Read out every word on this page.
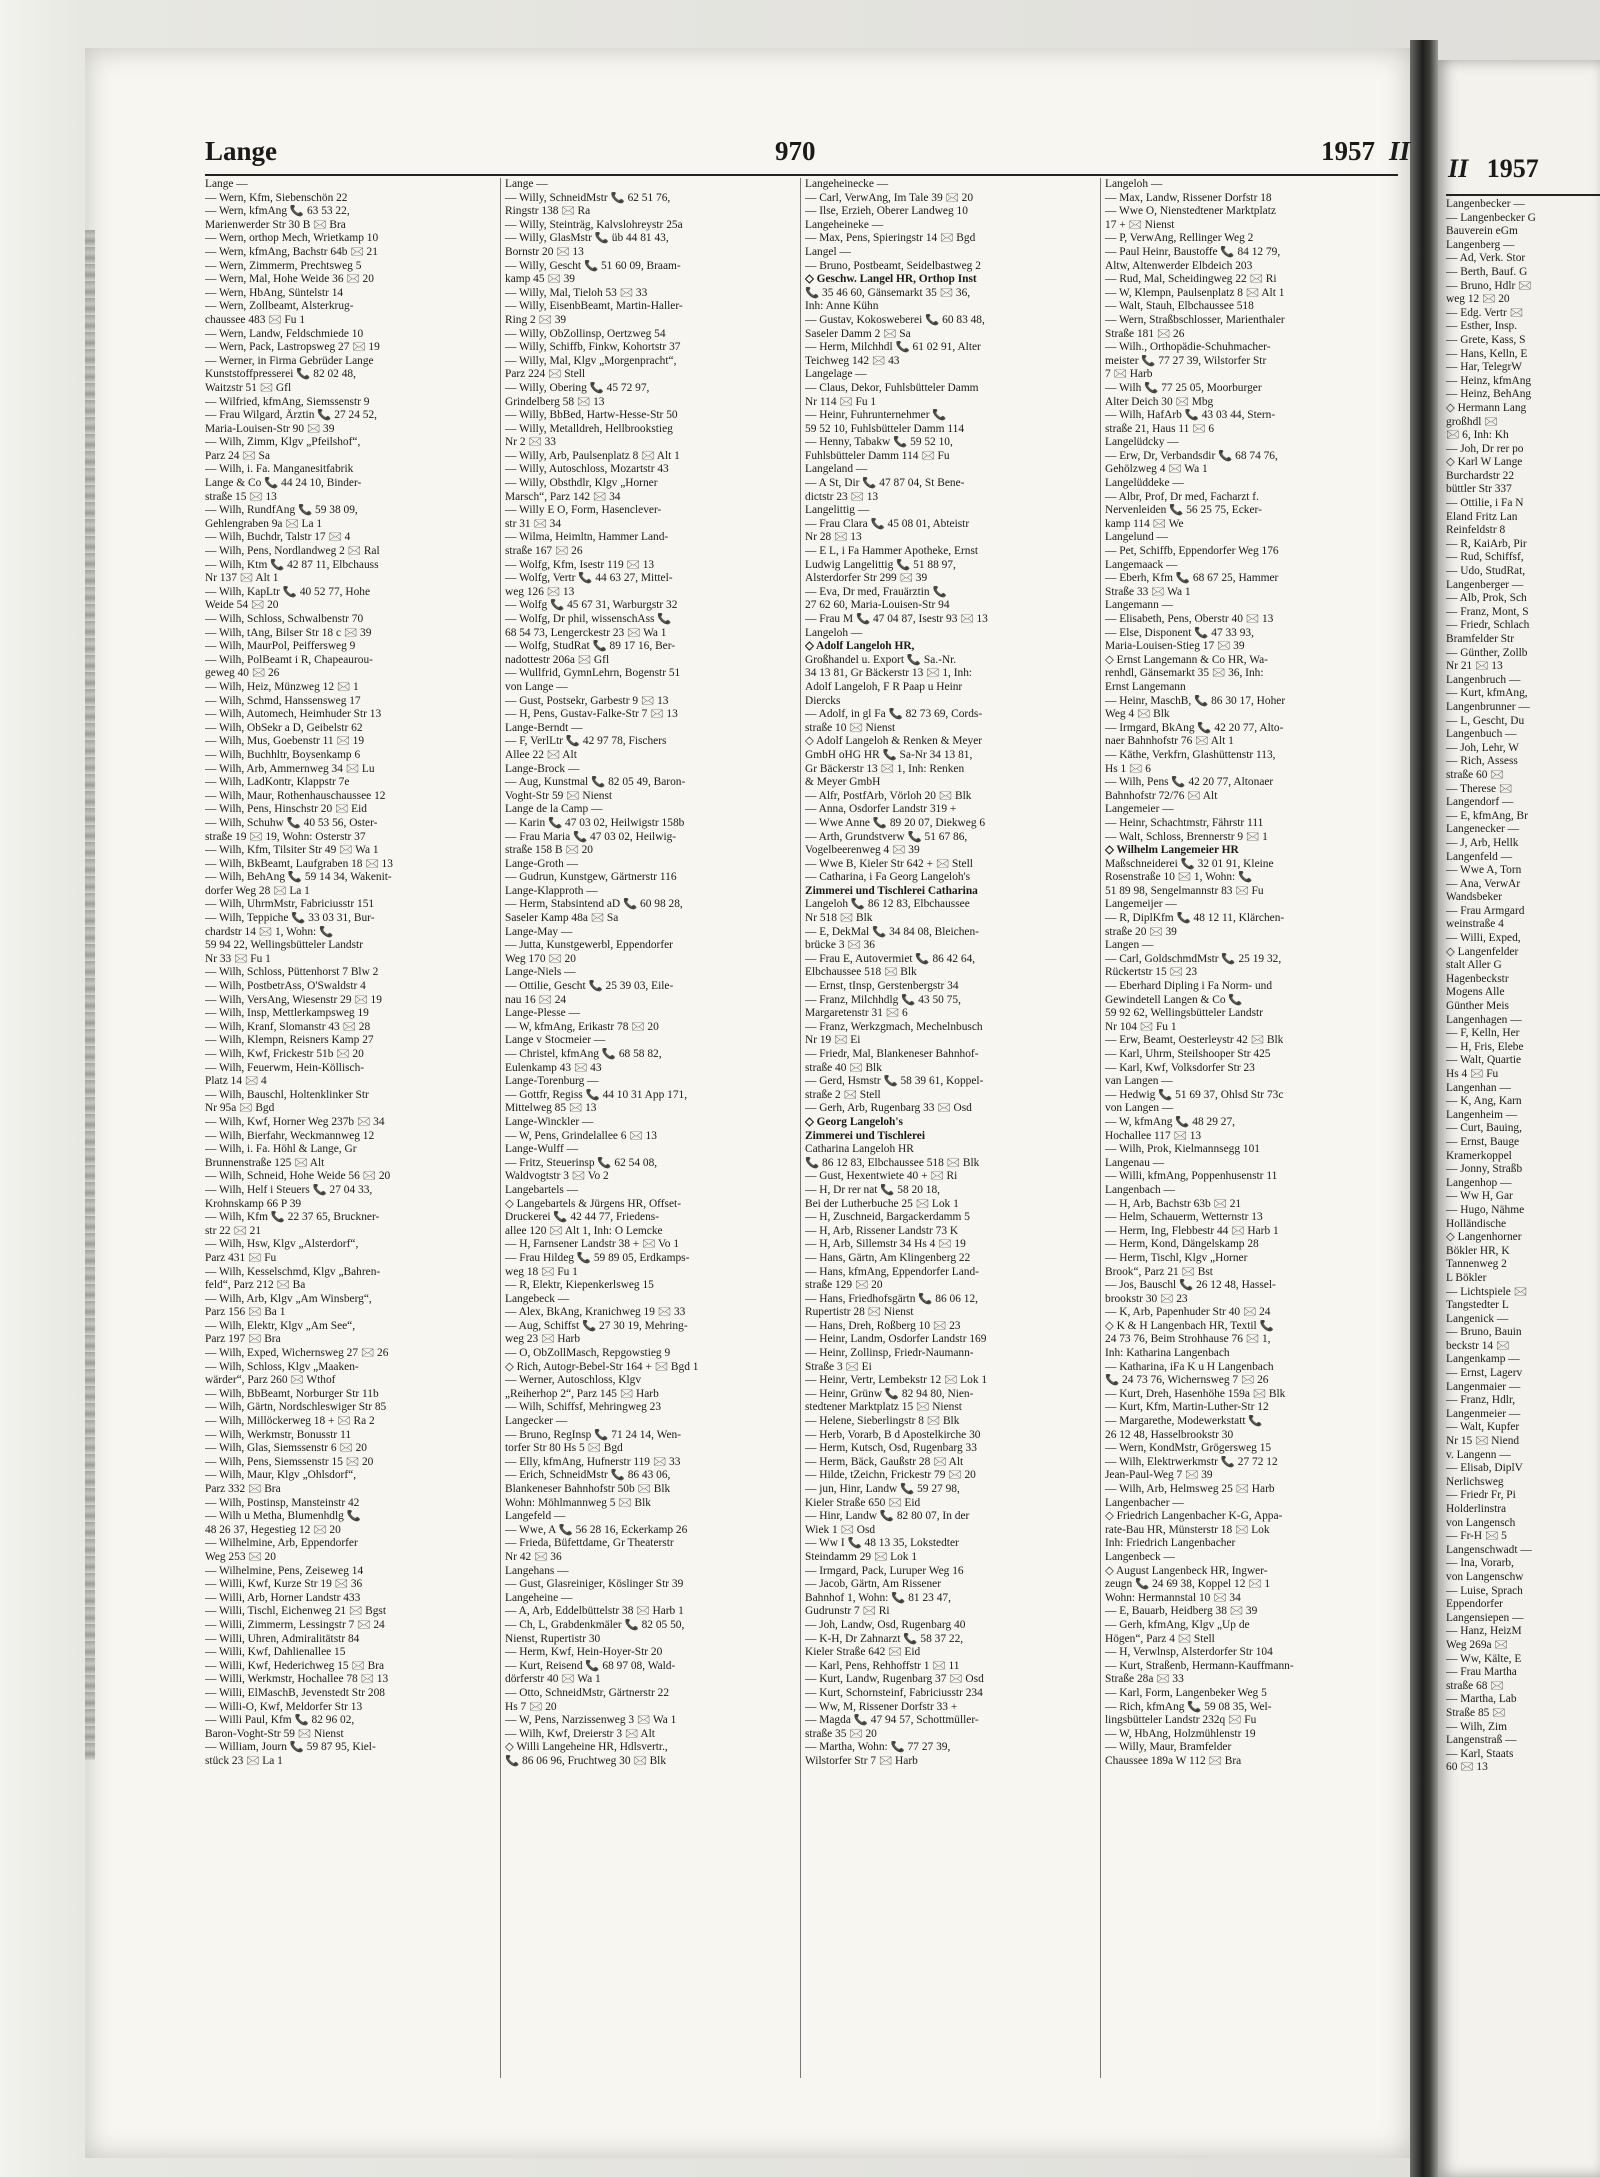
Lange	970	1957 II
Lange —
— Wern, Kfm, Siebenschön 22
— Wern, kfmAng 📞 63 53 22,
Marienwerder Str 30 B 🖂 Bra
— Wern, orthop Mech, Wrietkamp 10
— Wern, kfmAng, Bachstr 64b 🖂 21
— Wern, Zimmerm, Prechtsweg 5
— Wern, Mal, Hohe Weide 36 🖂 20
— Wern, HbAng, Süntelstr 14
— Wern, Zollbeamt, Alsterkrug-
chaussee 483 🖂 Fu 1
— Wern, Landw, Feldschmiede 10
— Wern, Pack, Lastropsweg 27 🖂 19
— Werner, in Firma Gebrüder Lange
Kunststoffpresserei 📞 82 02 48,
Waitzstr 51 🖂 Gfl
— Wilfried, kfmAng, Siemssenstr 9
— Frau Wilgard, Ärztin 📞 27 24 52,
Maria-Louisen-Str 90 🖂 39
— Wilh, Zimm, Klgv „Pfeilshof“,
Parz 24 🖂 Sa
— Wilh, i. Fa. Manganesitfabrik
Lange & Co 📞 44 24 10, Binder-
straße 15 🖂 13
— Wilh, RundfAng 📞 59 38 09,
Gehlengraben 9a 🖂 La 1
— Wilh, Buchdr, Talstr 17 🖂 4
— Wilh, Pens, Nordlandweg 2 🖂 Ral
— Wilh, Ktm 📞 42 87 11, Elbchauss
Nr 137 🖂 Alt 1
— Wilh, KapLtr 📞 40 52 77, Hohe
Weide 54 🖂 20
— Wilh, Schloss, Schwalbenstr 70
— Wilh, tAng, Bilser Str 18 c 🖂 39
— Wilh, MaurPol, Peiffersweg 9
— Wilh, PolBeamt i R, Chapeaurou-
geweg 40 🖂 26
— Wilh, Heiz, Münzweg 12 🖂 1
— Wilh, Schmd, Hanssensweg 17
— Wilh, Automech, Heimhuder Str 13
— Wilh, ObSekr a D, Geibelstr 62
— Wilh, Mus, Goebenstr 11 🖂 19
— Wilh, Buchhltr, Boysenkamp 6
— Wilh, Arb, Ammernweg 34 🖂 Lu
— Wilh, LadKontr, Klappstr 7e
— Wilh, Maur, Rothenhauschaussee 12
— Wilh, Pens, Hinschstr 20 🖂 Eid
— Wilh, Schuhw 📞 40 53 56, Oster-
straße 19 🖂 19, Wohn: Osterstr 37
— Wilh, Kfm, Tilsiter Str 49 🖂 Wa 1
— Wilh, BkBeamt, Laufgraben 18 🖂 13
— Wilh, BehAng 📞 59 14 34, Wakenit-
dorfer Weg 28 🖂 La 1
— Wilh, UhrmMstr, Fabriciusstr 151
— Wilh, Teppiche 📞 33 03 31, Bur-
chardstr 14 🖂 1, Wohn: 📞
59 94 22, Wellingsbütteler Landstr
Nr 33 🖂 Fu 1
— Wilh, Schloss, Püttenhorst 7 Blw 2
— Wilh, PostbetrAss, O'Swaldstr 4
— Wilh, VersAng, Wiesenstr 29 🖂 19
— Wilh, Insp, Mettlerkampsweg 19
— Wilh, Kranf, Slomanstr 43 🖂 28
— Wilh, Klempn, Reisners Kamp 27
— Wilh, Kwf, Frickestr 51b 🖂 20
— Wilh, Feuerwm, Hein-Köllisch-
Platz 14 🖂 4
— Wilh, Bauschl, Holtenklinker Str
Nr 95a 🖂 Bgd
— Wilh, Kwf, Horner Weg 237b 🖂 34
— Wilh, Bierfahr, Weckmannweg 12
— Wilh, i. Fa. Höhl & Lange, Gr
Brunnenstraße 125 🖂 Alt
— Wilh, Schneid, Hohe Weide 56 🖂 20
— Wilh, Helf i Steuers 📞 27 04 33,
Krohnskamp 66 P 39
— Wilh, Kfm 📞 22 37 65, Bruckner-
str 22 🖂 21
— Wilh, Hsw, Klgv „Alsterdorf“,
Parz 431 🖂 Fu
— Wilh, Kesselschmd, Klgv „Bahren-
feld“, Parz 212 🖂 Ba
— Wilh, Arb, Klgv „Am Winsberg“,
Parz 156 🖂 Ba 1
— Wilh, Elektr, Klgv „Am See“,
Parz 197 🖂 Bra
— Wilh, Exped, Wichernsweg 27 🖂 26
— Wilh, Schloss, Klgv „Maaken-
wärder“, Parz 260 🖂 Wthof
— Wilh, BbBeamt, Norburger Str 11b
— Wilh, Gärtn, Nordschleswiger Str 85
— Wilh, Millöckerweg 18 + 🖂 Ra 2
— Wilh, Werkmstr, Bonusstr 11
— Wilh, Glas, Siemssenstr 6 🖂 20
— Wilh, Pens, Siemssenstr 15 🖂 20
— Wilh, Maur, Klgv „Ohlsdorf“,
Parz 332 🖂 Bra
— Wilh, Postinsp, Mansteinstr 42
— Wilh u Metha, Blumenhdlg 📞
48 26 37, Hegestieg 12 🖂 20
— Wilhelmine, Arb, Eppendorfer
Weg 253 🖂 20
— Wilhelmine, Pens, Zeiseweg 14
— Willi, Kwf, Kurze Str 19 🖂 36
— Willi, Arb, Horner Landstr 433
— Willi, Tischl, Eichenweg 21 🖂 Bgst
— Willi, Zimmerm, Lessingstr 7 🖂 24
— Willi, Uhren, Admiralitätstr 84
— Willi, Kwf, Dahlienallee 15
— Willi, Kwf, Hederichweg 15 🖂 Bra
— Willi, Werkmstr, Hochallee 78 🖂 13
— Willi, ElMaschB, Jevenstedt Str 208
— Willi-O, Kwf, Meldorfer Str 13
— Willi Paul, Kfm 📞 82 96 02,
Baron-Voght-Str 59 🖂 Nienst
— William, Journ 📞 59 87 95, Kiel-
stück 23 🖂 La 1
Lange —
— Willy, SchneidMstr 📞 62 51 76,
Ringstr 138 🖂 Ra
— Willy, Steinträg, Kalvslohreystr 25a
— Willy, GlasMstr 📞 üb 44 81 43,
Bornstr 20 🖂 13
— Willy, Gescht 📞 51 60 09, Braam-
kamp 45 🖂 39
— Willy, Mal, Tieloh 53 🖂 33
— Willy, EisenbBeamt, Martin-Haller-
Ring 2 🖂 39
— Willy, ObZollinsp, Oertzweg 54
— Willy, Schiffb, Finkw, Kohortstr 37
— Willy, Mal, Klgv „Morgenpracht“,
Parz 224 🖂 Stell
— Willy, Obering 📞 45 72 97,
Grindelberg 58 🖂 13
— Willy, BbBed, Hartw-Hesse-Str 50
— Willy, Metalldreh, Hellbrookstieg
Nr 2 🖂 33
— Willy, Arb, Paulsenplatz 8 🖂 Alt 1
— Willy, Autoschloss, Mozartstr 43
— Willy, Obsthdlr, Klgv „Horner
Marsch“, Parz 142 🖂 34
— Willy E O, Form, Hasenclever-
str 31 🖂 34
— Wilma, Heimltn, Hammer Land-
straße 167 🖂 26
— Wolfg, Kfm, Isestr 119 🖂 13
— Wolfg, Vertr 📞 44 63 27, Mittel-
weg 126 🖂 13
— Wolfg 📞 45 67 31, Warburgstr 32
— Wolfg, Dr phil, wissenschAss 📞
68 54 73, Lengerckestr 23 🖂 Wa 1
— Wolfg, StudRat 📞 89 17 16, Ber-
nadottestr 206a 🖂 Gfl
— Wullfrid, GymnLehrn, Bogenstr 51
von Lange —
— Gust, Postsekr, Garbestr 9 🖂 13
— H, Pens, Gustav-Falke-Str 7 🖂 13
Lange-Berndt —
— F, VerlLtr 📞 42 97 78, Fischers
Allee 22 🖂 Alt
Lange-Brock —
— Aug, Kunstmal 📞 82 05 49, Baron-
Voght-Str 59 🖂 Nienst
Lange de la Camp —
— Karin 📞 47 03 02, Heilwigstr 158b
— Frau Maria 📞 47 03 02, Heilwig-
straße 158 B 🖂 20
Lange-Groth —
— Gudrun, Kunstgew, Gärtnerstr 116
Lange-Klapproth —
— Herm, Stabsintend aD 📞 60 98 28,
Saseler Kamp 48a 🖂 Sa
Lange-May —
— Jutta, Kunstgewerbl, Eppendorfer
Weg 170 🖂 20
Lange-Niels —
— Ottilie, Gescht 📞 25 39 03, Eile-
nau 16 🖂 24
Lange-Plesse —
— W, kfmAng, Erikastr 78 🖂 20
Lange v Stocmeier —
— Christel, kfmAng 📞 68 58 82,
Eulenkamp 43 🖂 43
Lange-Torenburg —
— Gottfr, Regiss 📞 44 10 31 App 171,
Mittelweg 85 🖂 13
Lange-Winckler —
— W, Pens, Grindelallee 6 🖂 13
Lange-Wulff —
— Fritz, Steuerinsp 📞 62 54 08,
Waldvogtstr 3 🖂 Vo 2
Langebartels —
◇ Langebartels & Jürgens HR, Offset-
Druckerei 📞 42 44 77, Friedens-
allee 120 🖂 Alt 1, Inh: O Lemcke
— H, Farnsener Landstr 38 + 🖂 Vo 1
— Frau Hildeg 📞 59 89 05, Erdkamps-
weg 18 🖂 Fu 1
— R, Elektr, Kiepenkerlsweg 15
Langebeck —
— Alex, BkAng, Kranichweg 19 🖂 33
— Aug, Schiffst 📞 27 30 19, Mehring-
weg 23 🖂 Harb
— O, ObZollMasch, Repgowstieg 9
◇ Rich, Autogr-Bebel-Str 164 + 🖂 Bgd 1
— Werner, Autoschloss, Klgv
„Reiherhop 2“, Parz 145 🖂 Harb
— Wilh, Schiffsf, Mehringweg 23
Langecker —
— Bruno, RegInsp 📞 71 24 14, Wen-
torfer Str 80 Hs 5 🖂 Bgd
— Elly, kfmAng, Hufnerstr 119 🖂 33
— Erich, SchneidMstr 📞 86 43 06,
Blankeneser Bahnhofstr 50b 🖂 Blk
Wohn: Möhlmannweg 5 🖂 Blk
Langefeld —
— Wwe, A 📞 56 28 16, Eckerkamp 26
— Frieda, Büfettdame, Gr Theaterstr
Nr 42 🖂 36
Langehans —
— Gust, Glasreiniger, Köslinger Str 39
Langeheine —
— A, Arb, Eddelbüttelstr 38 🖂 Harb 1
— Ch, L, Grabdenkmäler 📞 82 05 50,
Nienst, Rupertistr 30
— Herm, Kwf, Hein-Hoyer-Str 20
— Kurt, Reisend 📞 68 97 08, Wald-
dörferstr 40 🖂 Wa 1
— Otto, SchneidMstr, Gärtnerstr 22
Hs 7 🖂 20
— W, Pens, Narzissenweg 3 🖂 Wa 1
— Wilh, Kwf, Dreierstr 3 🖂 Alt
◇ Willi Langeheine HR, Hdlsvertr.,
📞 86 06 96, Fruchtweg 30 🖂 Blk
Langeheinecke —
— Carl, VerwAng, Im Tale 39 🖂 20
— Ilse, Erzieh, Oberer Landweg 10
Langeheineke —
— Max, Pens, Spieringstr 14 🖂 Bgd
Langel —
— Bruno, Postbeamt, Seidelbastweg 2
◇ Geschw. Langel HR, Orthop Inst
📞 35 46 60, Gänsemarkt 35 🖂 36,
Inh: Anne Kühn
— Gustav, Kokosweberei 📞 60 83 48,
Saseler Damm 2 🖂 Sa
— Herm, Milchhdl 📞 61 02 91, Alter
Teichweg 142 🖂 43
Langelage —
— Claus, Dekor, Fuhlsbütteler Damm
Nr 114 🖂 Fu 1
— Heinr, Fuhrunternehmer 📞
59 52 10, Fuhlsbütteler Damm 114
— Henny, Tabakw 📞 59 52 10,
Fuhlsbütteler Damm 114 🖂 Fu
Langeland —
— A St, Dir 📞 47 87 04, St Bene-
dictstr 23 🖂 13
Langelittig —
— Frau Clara 📞 45 08 01, Abteistr
Nr 28 🖂 13
— E L, i Fa Hammer Apotheke, Ernst
Ludwig Langelittig 📞 51 88 97,
Alsterdorfer Str 299 🖂 39
— Eva, Dr med, Frauärztin 📞
27 62 60, Maria-Louisen-Str 94
— Frau M 📞 47 04 87, Isestr 93 🖂 13
Langeloh —
◇ Adolf Langeloh HR,
Großhandel u. Export 📞 Sa.-Nr.
34 13 81, Gr Bäckerstr 13 🖂 1, Inh:
Adolf Langeloh, F R Paap u Heinr
Diercks
— Adolf, in gl Fa 📞 82 73 69, Cords-
straße 10 🖂 Nienst
◇ Adolf Langeloh & Renken & Meyer
GmbH oHG HR 📞 Sa-Nr 34 13 81,
Gr Bäckerstr 13 🖂 1, Inh: Renken
& Meyer GmbH
— Alfr, PostfArb, Vörloh 20 🖂 Blk
— Anna, Osdorfer Landstr 319 +
— Wwe Anne 📞 89 20 07, Diekweg 6
— Arth, Grundstverw 📞 51 67 86,
Vogelbeerenweg 4 🖂 39
— Wwe B, Kieler Str 642 + 🖂 Stell
— Catharina, i Fa Georg Langeloh's
Zimmerei und Tischlerei Catharina
Langeloh 📞 86 12 83, Elbchaussee
Nr 518 🖂 Blk
— E, DekMal 📞 34 84 08, Bleichen-
brücke 3 🖂 36
— Frau E, Autovermiet 📞 86 42 64,
Elbchaussee 518 🖂 Blk
— Ernst, tInsp, Gerstenbergstr 34
— Franz, Milchhdlg 📞 43 50 75,
Margaretenstr 31 🖂 6
— Franz, Werkzgmach, Mechelnbusch
Nr 19 🖂 Ei
— Friedr, Mal, Blankeneser Bahnhof-
straße 40 🖂 Blk
— Gerd, Hsmstr 📞 58 39 61, Koppel-
straße 2 🖂 Stell
— Gerh, Arb, Rugenbarg 33 🖂 Osd
◇ Georg Langeloh's
Zimmerei und Tischlerei
Catharina Langeloh HR
📞 86 12 83, Elbchaussee 518 🖂 Blk
— Gust, Hexentwiete 40 + 🖂 Ri
— H, Dr rer nat 📞 58 20 18,
Bei der Lutherbuche 25 🖂 Lok 1
— H, Zuschneid, Bargackerdamm 5
— H, Arb, Rissener Landstr 73 K
— H, Arb, Sillemstr 34 Hs 4 🖂 19
— Hans, Gärtn, Am Klingenberg 22
— Hans, kfmAng, Eppendorfer Land-
straße 129 🖂 20
— Hans, Friedhofsgärtn 📞 86 06 12,
Rupertistr 28 🖂 Nienst
— Hans, Dreh, Roßberg 10 🖂 23
— Heinr, Landm, Osdorfer Landstr 169
— Heinr, Zollinsp, Friedr-Naumann-
Straße 3 🖂 Ei
— Heinr, Vertr, Lembekstr 12 🖂 Lok 1
— Heinr, Grünw 📞 82 94 80, Nien-
stedtener Marktplatz 15 🖂 Nienst
— Helene, Sieberlingstr 8 🖂 Blk
— Herb, Vorarb, B d Apostelkirche 30
— Herm, Kutsch, Osd, Rugenbarg 33
— Herm, Bäck, Gaußstr 28 🖂 Alt
— Hilde, tZeichn, Frickestr 79 🖂 20
— jun, Hinr, Landw 📞 59 27 98,
Kieler Straße 650 🖂 Eid
— Hinr, Landw 📞 82 80 07, In der
Wiek 1 🖂 Osd
— Ww I 📞 48 13 35, Lokstedter
Steindamm 29 🖂 Lok 1
— Irmgard, Pack, Luruper Weg 16
— Jacob, Gärtn, Am Rissener
Bahnhof 1, Wohn: 📞 81 23 47,
Gudrunstr 7 🖂 Ri
— Joh, Landw, Osd, Rugenbarg 40
— K-H, Dr Zahnarzt 📞 58 37 22,
Kieler Straße 642 🖂 Eid
— Karl, Pens, Rehhoffstr 1 🖂 11
— Kurt, Landw, Rugenbarg 37 🖂 Osd
— Kurt, Schornsteinf, Fabriciusstr 234
— Ww, M, Rissener Dorfstr 33 +
— Magda 📞 47 94 57, Schottmüller-
straße 35 🖂 20
— Martha, Wohn: 📞 77 27 39,
Wilstorfer Str 7 🖂 Harb
Langeloh —
— Max, Landw, Rissener Dorfstr 18
— Wwe O, Nienstedtener Marktplatz
17 + 🖂 Nienst
— P, VerwAng, Rellinger Weg 2
— Paul Heinr, Baustoffe 📞 84 12 79,
Altw, Altenwerder Elbdeich 203
— Rud, Mal, Scheidingweg 22 🖂 Ri
— W, Klempn, Paulsenplatz 8 🖂 Alt 1
— Walt, Stauh, Elbchaussee 518
— Wern, Straßbschlosser, Marienthaler
Straße 181 🖂 26
— Wilh., Orthopädie-Schuhmacher-
meister 📞 77 27 39, Wilstorfer Str
7 🖂 Harb
— Wilh 📞 77 25 05, Moorburger
Alter Deich 30 🖂 Mbg
— Wilh, HafArb 📞 43 03 44, Stern-
straße 21, Haus 11 🖂 6
Langelüdcky —
— Erw, Dr, Verbandsdir 📞 68 74 76,
Gehölzweg 4 🖂 Wa 1
Langelüddeke —
— Albr, Prof, Dr med, Facharzt f.
Nervenleiden 📞 56 25 75, Ecker-
kamp 114 🖂 We
Langelund —
— Pet, Schiffb, Eppendorfer Weg 176
Langemaack —
— Eberh, Kfm 📞 68 67 25, Hammer
Straße 33 🖂 Wa 1
Langemann —
— Elisabeth, Pens, Oberstr 40 🖂 13
— Else, Disponent 📞 47 33 93,
Maria-Louisen-Stieg 17 🖂 39
◇ Ernst Langemann & Co HR, Wa-
renhdl, Gänsemarkt 35 🖂 36, Inh:
Ernst Langemann
— Heinr, MaschB, 📞 86 30 17, Hoher
Weg 4 🖂 Blk
— Irmgard, BkAng 📞 42 20 77, Alto-
naer Bahnhofstr 76 🖂 Alt 1
— Käthe, Verkfrn, Glashüttenstr 113,
Hs 1 🖂 6
— Wilh, Pens 📞 42 20 77, Altonaer
Bahnhofstr 72/76 🖂 Alt
Langemeier —
— Heinr, Schachtmstr, Fährstr 111
— Walt, Schloss, Brennerstr 9 🖂 1
◇ Wilhelm Langemeier HR
Maßschneiderei 📞 32 01 91, Kleine
Rosenstraße 10 🖂 1, Wohn: 📞
51 89 98, Sengelmannstr 83 🖂 Fu
Langemeijer —
— R, DiplKfm 📞 48 12 11, Klärchen-
straße 20 🖂 39
Langen —
— Carl, GoldschmdMstr 📞 25 19 32,
Rückertstr 15 🖂 23
— Eberhard Dipling i Fa Norm- und
Gewindetell Langen & Co 📞
59 92 62, Wellingsbütteler Landstr
Nr 104 🖂 Fu 1
— Erw, Beamt, Oesterleystr 42 🖂 Blk
— Karl, Uhrm, Steilshooper Str 425
— Karl, Kwf, Volksdorfer Str 23
van Langen —
— Hedwig 📞 51 69 37, Ohlsd Str 73c
von Langen —
— W, kfmAng 📞 48 29 27,
Hochallee 117 🖂 13
— Wilh, Prok, Kielmannsegg 101
Langenau —
— Willi, kfmAng, Poppenhusenstr 11
Langenbach —
— H, Arb, Bachstr 63b 🖂 21
— Helm, Schauerm, Wetternstr 13
— Herm, Ing, Flebbestr 44 🖂 Harb 1
— Herm, Kond, Dängelskamp 28
— Herm, Tischl, Klgv „Horner
Brook“, Parz 21 🖂 Bst
— Jos, Bauschl 📞 26 12 48, Hassel-
brookstr 30 🖂 23
— K, Arb, Papenhuder Str 40 🖂 24
◇ K & H Langenbach HR, Textil 📞
24 73 76, Beim Strohhause 76 🖂 1,
Inh: Katharina Langenbach
— Katharina, iFa K u H Langenbach
📞 24 73 76, Wichernsweg 7 🖂 26
— Kurt, Dreh, Hasenhöhe 159a 🖂 Blk
— Kurt, Kfm, Martin-Luther-Str 12
— Margarethe, Modewerkstatt 📞
26 12 48, Hasselbrookstr 30
— Wern, KondMstr, Grögersweg 15
— Wilh, Elektrwerkmstr 📞 27 72 12
Jean-Paul-Weg 7 🖂 39
— Wilh, Arb, Helmsweg 25 🖂 Harb
Langenbacher —
◇ Friedrich Langenbacher K-G, Appa-
rate-Bau HR, Münsterstr 18 🖂 Lok
Inh: Friedrich Langenbacher
Langenbeck —
◇ August Langenbeck HR, Ingwer-
zeugn 📞 24 69 38, Koppel 12 🖂 1
Wohn: Hermannstal 10 🖂 34
— E, Bauarb, Heidberg 38 🖂 39
— Gerh, kfmAng, Klgv „Up de
Högen“, Parz 4 🖂 Stell
— H, Verwlnsp, Alsterdorfer Str 104
— Kurt, Straßenb, Hermann-Kauffmann-
Straße 28a 🖂 33
— Karl, Form, Langenbeker Weg 5
— Rich, kfmAng 📞 59 08 35, Wel-
lingsbütteler Landstr 232q 🖂 Fu
— W, HbAng, Holzmühlenstr 19
— Willy, Maur, Bramfelder
Chaussee 189a W 112 🖂 Bra
II 1957
Langenbecker —
— Langenbecker G
Bauverein eGm
Langenberg —
— Ad, Verk. Stor
— Berth, Bauf. G
— Bruno, Hdlr 🖂
weg 12 🖂 20
— Edg. Vertr 🖂
— Esther, Insp.
— Grete, Kass, S
— Hans, Kelln, E
— Har, TelegrW
— Heinz, kfmAng
— Heinz, BehAng
◇ Hermann Lang
großhdl 🖂
🖂 6, Inh: Kh
— Joh, Dr rer po
◇ Karl W Lange
Burchardstr 22
büttler Str 337
— Ottilie, i Fa N
Eland Fritz Lan
Reinfeldstr 8
— R, KaiArb, Pir
— Rud, Schiffsf,
— Udo, StudRat,
Langenberger —
— Alb, Prok, Sch
— Franz, Mont, S
— Friedr, Schlach
Bramfelder Str
— Günther, Zollb
Nr 21 🖂 13
Langenbruch —
— Kurt, kfmAng,
Langenbrunner —
— L, Gescht, Du
Langenbuch —
— Joh, Lehr, W
— Rich, Assess
straße 60 🖂
— Therese 🖂
Langendorf —
— E, kfmAng, Br
Langenecker —
— J, Arb, Hellk
Langenfeld —
— Wwe A, Torn
— Ana, VerwAr
Wandsbeker
— Frau Armgard
weinstraße 4
— Willi, Exped,
◇ Langenfelder
stalt Aller G
Hagenbeckstr
Mogens Alle
Günther Meis
Langenhagen —
— F, Kelln, Her
— H, Fris, Elebe
— Walt, Quartie
Hs 4 🖂 Fu
Langenhan —
— K, Ang, Karn
Langenheim —
— Curt, Bauing,
— Ernst, Bauge
Kramerkoppel
— Jonny, Straßb
Langenhop —
— Ww H, Gar
— Hugo, Nähme
Holländische
◇ Langenhorner
Bökler HR, K
Tannenweg 2
L Bökler
— Lichtspiele 🖂
Tangstedter L
Langenick —
— Bruno, Bauin
beckstr 14 🖂
Langenkamp —
— Ernst, Lagerv
Langenmaier —
— Franz, Hdlr,
Langenmeier —
— Walt, Kupfer
Nr 15 🖂 Niend
v. Langenn —
— Elisab, DiplV
Nerlichsweg
— Friedr Fr, Pi
Holderlinstra
von Langensch
— Fr-H 🖂 5
Langenschwadt —
— Ina, Vorarb,
von Langenschw
— Luise, Sprach
Eppendorfer
Langensiepen —
— Hanz, HeizM
Weg 269a 🖂
— Ww, Kälte, E
— Frau Martha
straße 68 🖂
— Martha, Lab
Straße 85 🖂
— Wilh, Zim
Langenstraß —
— Karl, Staats
60 🖂 13
